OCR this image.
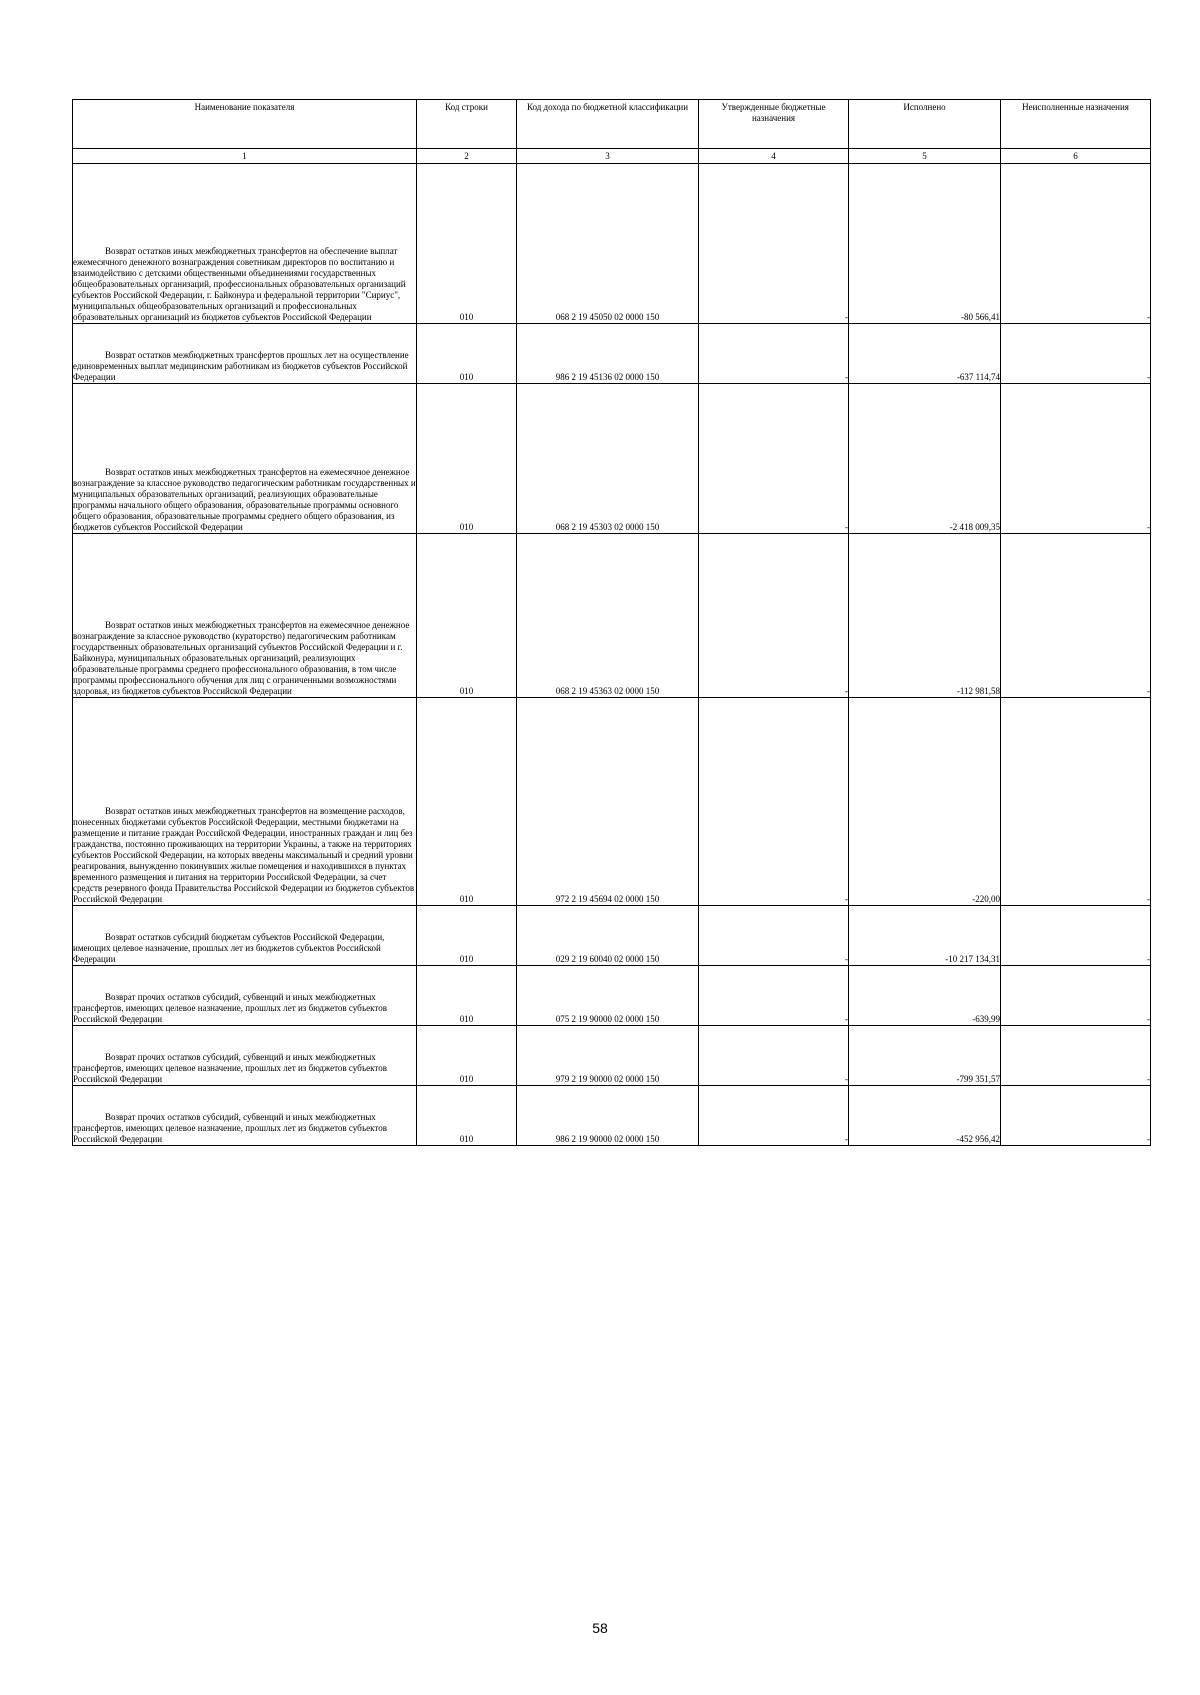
Наименование показателя	Код строки	Код дохода по бюджетной классификации	Утвержденные бюджетные назначения	Исполнено	Неисполненные назначения
1	2	3	4	5	6

Возврат остатков иных межбюджетных трансфертов на обеспечение выплат ежемесячного денежного вознаграждения советникам директоров по воспитанию и взаимодействию с детскими общественными объединениями государственных общеобразовательных организаций, профессиональных образовательных организаций субъектов Российской Федерации, г. Байконура и федеральной территории "Сириус", муниципальных общеобразовательных организаций и профессиональных образовательных организаций из бюджетов субъектов Российской Федерации	010	068 2 19 45050 02 0000 150	-	-80 566,41	-

Возврат остатков межбюджетных трансфертов прошлых лет на осуществление единовременных выплат медицинским работникам из бюджетов субъектов Российской Федерации	010	986 2 19 45136 02 0000 150	-	-637 114,74	-

Возврат остатков иных межбюджетных трансфертов на ежемесячное денежное вознаграждение за классное руководство педагогическим работникам государственных и муниципальных образовательных организаций, реализующих образовательные программы начального общего образования, образовательные программы основного общего образования, образовательные программы среднего общего образования, из бюджетов субъектов Российской Федерации	010	068 2 19 45303 02 0000 150	-	-2 418 009,35	-

Возврат остатков иных межбюджетных трансфертов на ежемесячное денежное вознаграждение за классное руководство (кураторство) педагогическим работникам государственных образовательных организаций субъектов Российской Федерации и г. Байконура, муниципальных образовательных организаций, реализующих образовательные программы среднего профессионального образования, в том числе программы профессионального обучения для лиц с ограниченными возможностями здоровья, из бюджетов субъектов Российской Федерации	010	068 2 19 45363 02 0000 150	-	-112 981,58	-

Возврат остатков иных межбюджетных трансфертов на возмещение расходов, понесенных бюджетами субъектов Российской Федерации, местными бюджетами на размещение и питание граждан Российской Федерации, иностранных граждан и лиц без гражданства, постоянно проживающих на территории Украины, а также на территориях субъектов Российской Федерации, на которых введены максимальный и средний уровни реагирования, вынужденно покинувших жилые помещения и находившихся в пунктах временного размещения и питания на территории Российской Федерации, за счет средств резервного фонда Правительства Российской Федерации из бюджетов субъектов Российской Федерации	010	972 2 19 45694 02 0000 150	-	-220,00	-

Возврат остатков субсидий бюджетам субъектов Российской Федерации, имеющих целевое назначение, прошлых лет из бюджетов субъектов Российской Федерации	010	029 2 19 60040 02 0000 150	-	-10 217 134,31	-

Возврат прочих остатков субсидий, субвенций и иных межбюджетных трансфертов, имеющих целевое назначение, прошлых лет из бюджетов субъектов Российской Федерации	010	075 2 19 90000 02 0000 150	-	-639,99	-

Возврат прочих остатков субсидий, субвенций и иных межбюджетных трансфертов, имеющих целевое назначение, прошлых лет из бюджетов субъектов Российской Федерации	010	979 2 19 90000 02 0000 150	-	-799 351,57	-

Возврат прочих остатков субсидий, субвенций и иных межбюджетных трансфертов, имеющих целевое назначение, прошлых лет из бюджетов субъектов Российской Федерации	010	986 2 19 90000 02 0000 150	-	-452 956,42	-
58
